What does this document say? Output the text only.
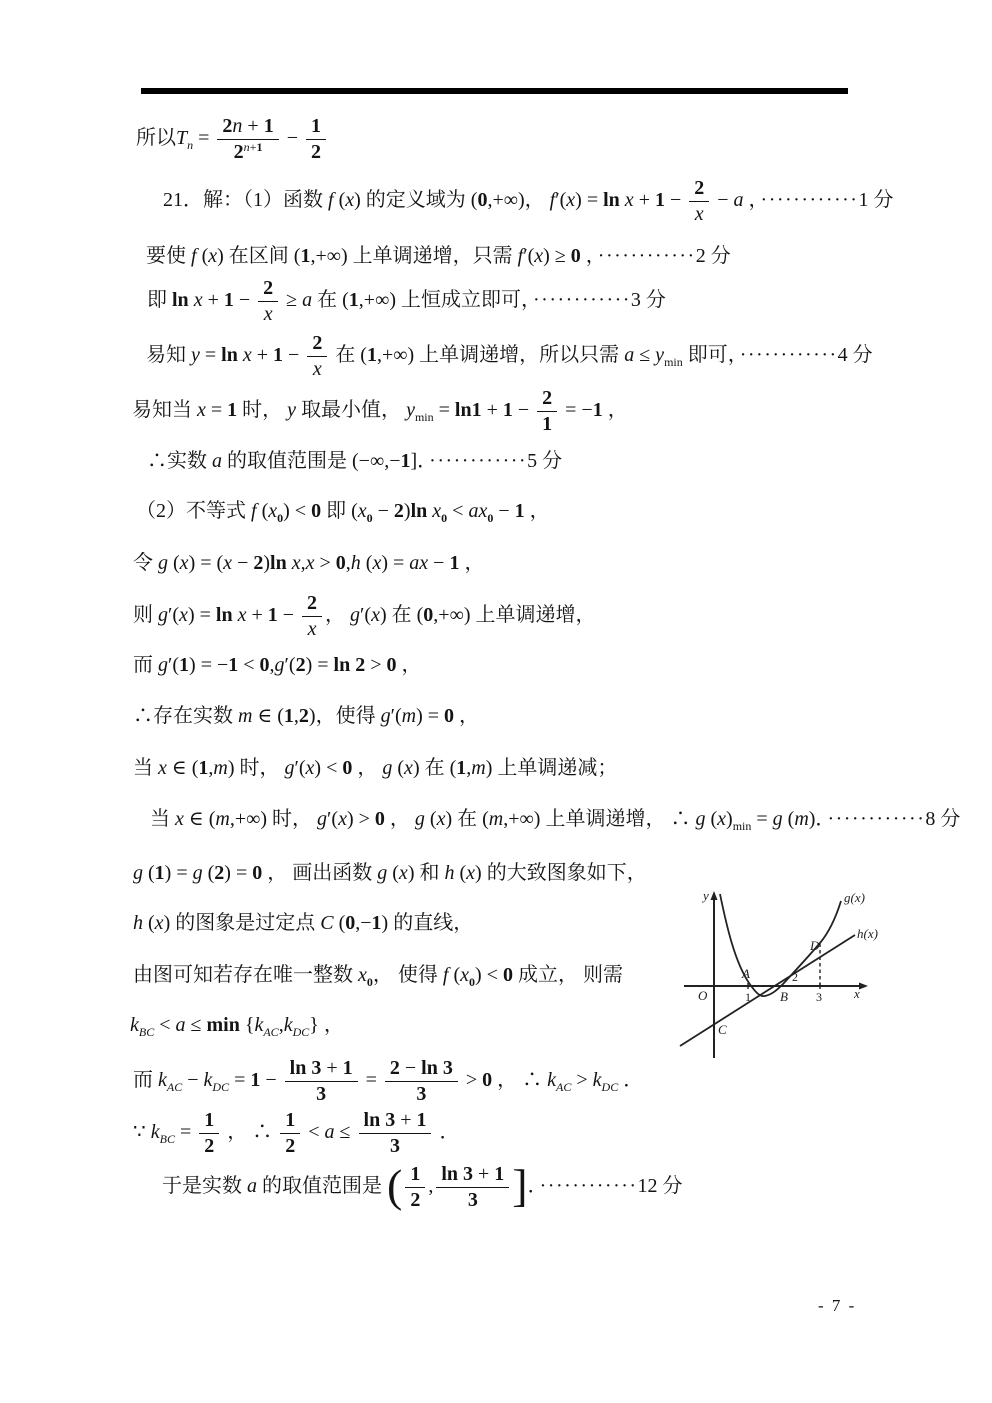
所以$T_n = \frac{2n + 1}{2^{n+1}} - \frac{1}{2}$
21．解：（1）函数 f (x) 的定义域为 (0,+∞)， $f'(x) = \ln x + 1 - \frac{2}{x} - a$ ， ············1 分
要使 f (x) 在区间 (1,+∞) 上单调递增，只需 f′(x) ≥ 0 ， ············2 分
即 $\ln x + 1 - \frac{2}{x} \ge a$ 在 (1,+∞) 上恒成立即可， ············3 分
易知 $y = \ln x + 1 - \frac{2}{x}$ 在 (1,+∞) 上单调递增，所以只需 $a \le y_{min}$ 即可， ············4 分
易知当 x = 1 时， y 取最小值， $y_{min} = \ln 1 + 1 - \frac{2}{1} = -1$ ，
∴实数 a 的取值范围是 (−∞,−1]． ············5 分
（2）不等式 f $(x_0) < 0$ 即 $(x_0 - 2)\ln$ $x_0 < ax_0 - 1$ ，
令 g (x) = (x − 2)ln x,x > 0,h (x) = ax − 1 ，
则 $g'(x) = \ln x + 1 - \frac{2}{x}$ ， g′(x) 在 (0,+∞) 上单调递增，
而 g′(1) = −1 < 0,g′(2) = ln 2 > 0 ，
∴存在实数 m ∈ (1,2)，使得 g′(m) = 0 ，
当 x ∈ (1,m) 时， g′(x) < 0 ， g (x) 在 (1,m) 上单调递减；
当 x ∈ (m,+∞) 时， g′(x) > 0 ， g (x) 在 (m,+∞) 上单调递增， ∴ g $(x)_{min} = g$ (m)． ············8 分
g (1) = g (2) = 0 ， 画出函数 g (x) 和 h (x) 的大致图象如下，
h (x) 的图象是过定点 C (0,−1) 的直线，
由图可知若存在唯一整数 $x_0$， 使得 f $(x_0) < 0$ 成立， 则需
$k_{BC} < a \le \min \{k_{AC},k_{DC}\}$ ，
而 $k_{AC} - k_{DC} = 1 - \frac{\ln 3 + 1}{3} = \frac{2 - \ln 3}{3} > 0$ ， ∴ $k_{AC} > k_{DC}$ ．
∵ $k_{BC} = \frac{1}{2}$ ， ∴ $\frac{1}{2} < a \le \frac{\ln 3 + 1}{3}$ ．
于是实数 a 的取值范围是 ( $\frac{1}{2}$ , $\frac{\ln 3 + 1}{3}$ ]． ············12 分
y
x
O
g(x)
h(x)
A
B
C
D
1
2
3
- 7 -
